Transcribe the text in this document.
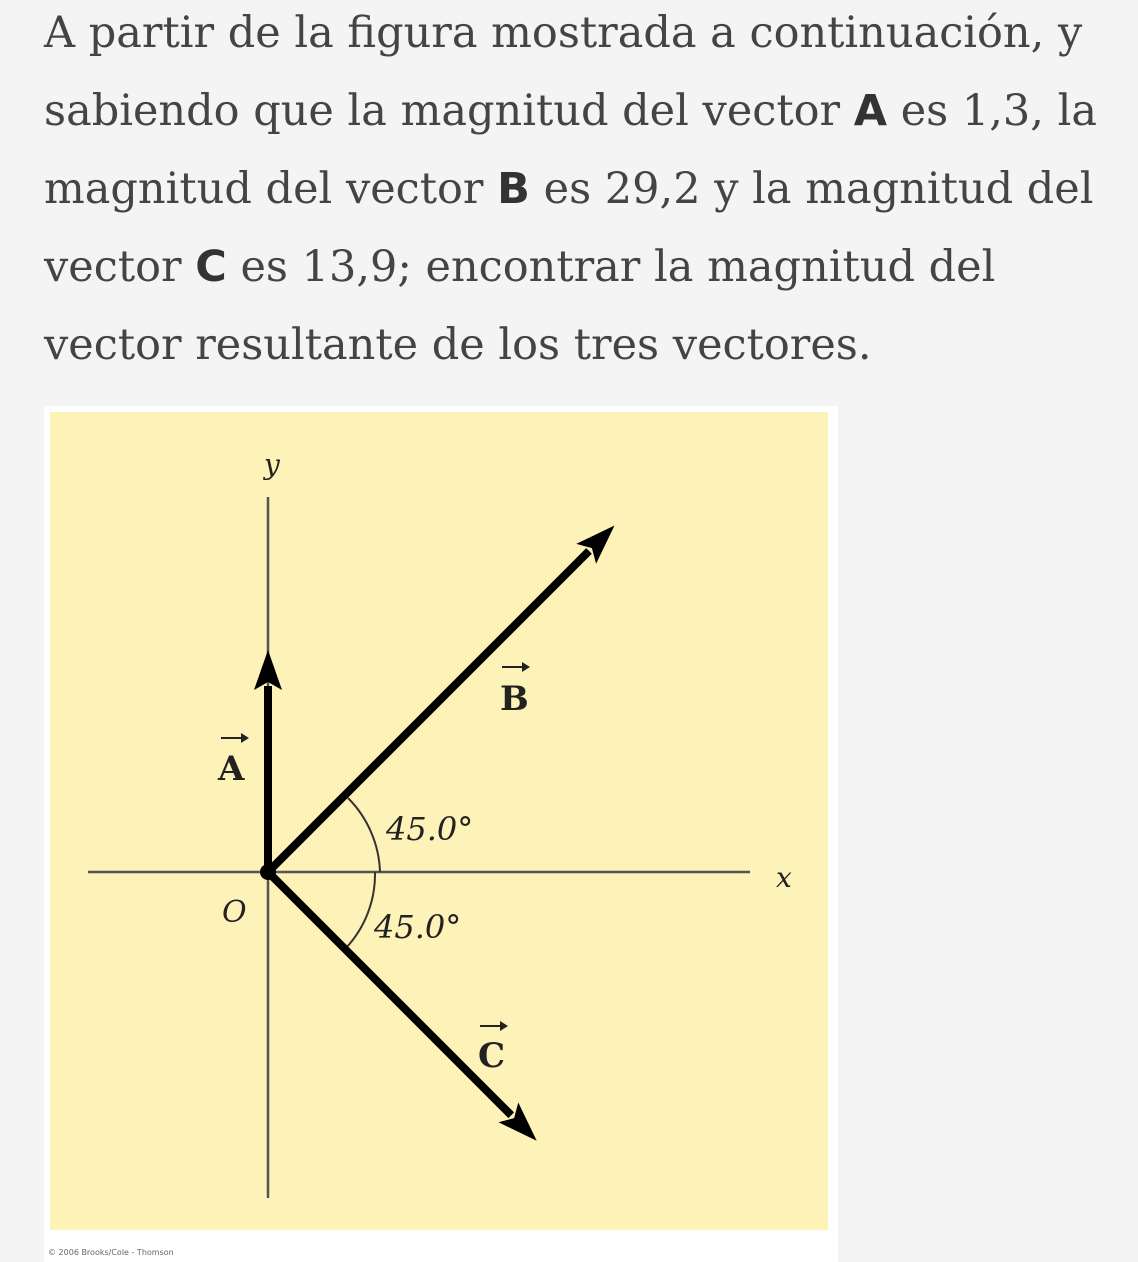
A partir de la figura mostrada a continuación, y sabiendo que la magnitud del vector A es 1,3, la magnitud del vector B es 29,2 y la magnitud del vector C es 13,9; encontrar la magnitud del vector resultante de los tres vectores.

y
x
O
A
B
C
45.0°
45.0°
© 2006 Brooks/Cole - Thomson
